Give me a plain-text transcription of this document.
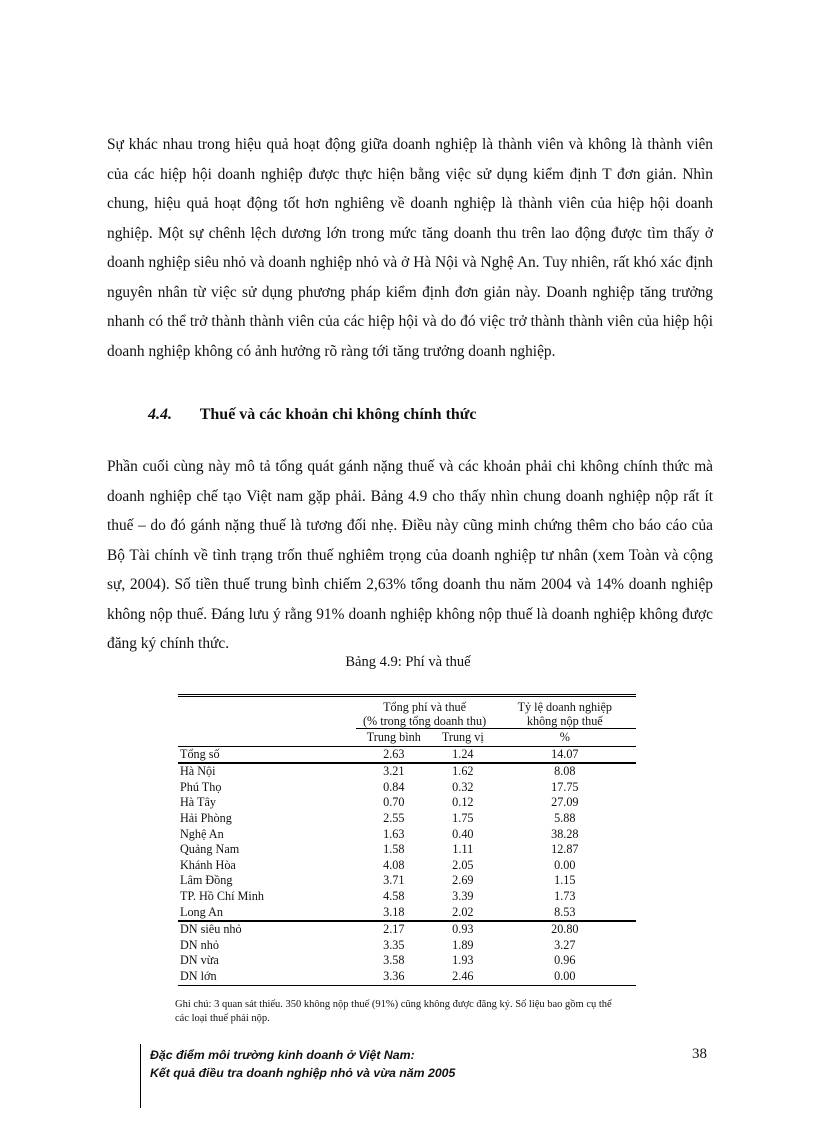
Sự khác nhau trong hiệu quả hoạt động giữa doanh nghiệp là thành viên và không là thành viên của các hiệp hội doanh nghiệp được thực hiện bằng việc sử dụng kiểm định T đơn giản. Nhìn chung, hiệu quả hoạt động tốt hơn nghiêng về doanh nghiệp là thành viên của hiệp hội doanh nghiệp. Một sự chênh lệch dương lớn trong mức tăng doanh thu trên lao động được tìm thấy ở doanh nghiệp siêu nhỏ và doanh nghiệp nhỏ và ở Hà Nội và Nghệ An. Tuy nhiên, rất khó xác định nguyên nhân từ việc sử dụng phương pháp kiểm định đơn giản này. Doanh nghiệp tăng trưởng nhanh có thể trở thành thành viên của các hiệp hội và do đó việc trở thành thành viên của hiệp hội doanh nghiệp không có ảnh hưởng rõ ràng tới tăng trưởng doanh nghiệp.

4.4. Thuế và các khoản chi không chính thức

Phần cuối cùng này mô tả tổng quát gánh nặng thuế và các khoản phải chi không chính thức mà doanh nghiệp chế tạo Việt nam gặp phải. Bảng 4.9 cho thấy nhìn chung doanh nghiệp nộp rất ít thuế – do đó gánh nặng thuế là tương đối nhẹ. Điều này cũng minh chứng thêm cho báo cáo của Bộ Tài chính về tình trạng trốn thuế nghiêm trọng của doanh nghiệp tư nhân (xem Toàn và cộng sự, 2004). Số tiền thuế trung bình chiếm 2,63% tổng doanh thu năm 2004 và 14% doanh nghiệp không nộp thuế. Đáng lưu ý rằng 91% doanh nghiệp không nộp thuế là doanh nghiệp không được đăng ký chính thức.

Bảng 4.9: Phí và thuế
	Tổng phí và thuế
(% trong tổng doanh thu)		Tỷ lệ doanh nghiệp
không nộp thuế
	Trung bình	Trung vị	%
Tổng số	2.63	1.24	14.07
Hà Nội	3.21	1.62	8.08
Phú Thọ	0.84	0.32	17.75
Hà Tây	0.70	0.12	27.09
Hải Phòng	2.55	1.75	5.88
Nghệ An	1.63	0.40	38.28
Quảng Nam	1.58	1.11	12.87
Khánh Hòa	4.08	2.05	0.00
Lâm Đồng	3.71	2.69	1.15
TP. Hồ Chí Minh	4.58	3.39	1.73
Long An	3.18	2.02	8.53
DN siêu nhỏ	2.17	0.93	20.80
DN nhỏ	3.35	1.89	3.27
DN vừa	3.58	1.93	0.96
DN lớn	3.36	2.46	0.00
Ghi chú: 3 quan sát thiếu. 350 không nộp thuế (91%) cũng không được đăng ký. Số liệu bao gồm cụ thể các loại thuế phải nộp.
Đặc điểm môi trường kinh doanh ở Việt Nam:
Kết quả điều tra doanh nghiệp nhỏ và vừa năm 2005
38
